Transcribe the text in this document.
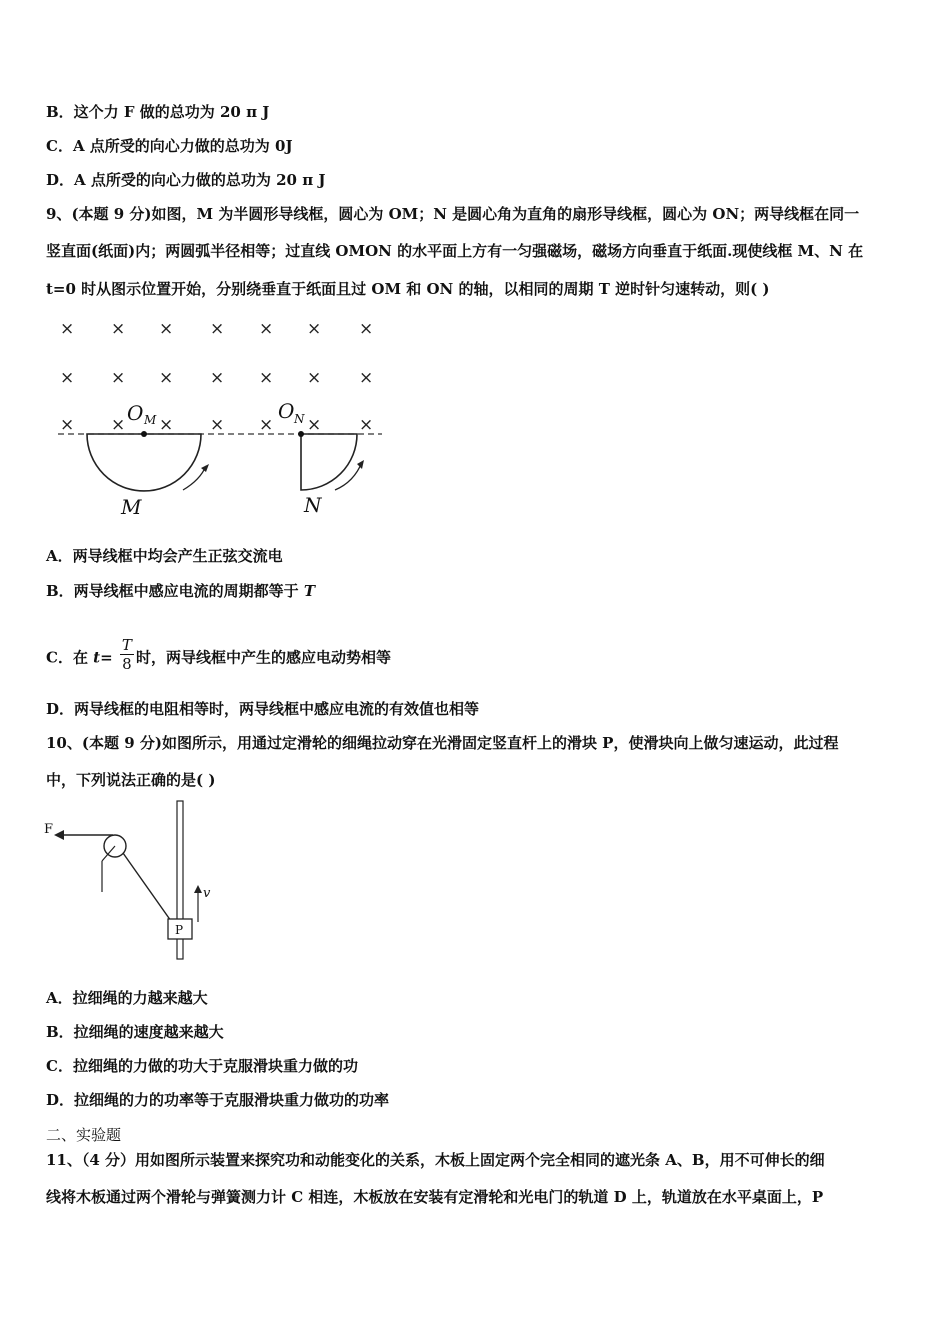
B．这个力 F 做的总功为 20 π J
C．A 点所受的向心力做的总功为 0J
D．A 点所受的向心力做的总功为 20 π J
9、(本题 9 分)如图，M 为半圆形导线框，圆心为 OM；N 是圆心角为直角的扇形导线框，圆心为 ON；两导线框在同一
竖直面(纸面)内；两圆弧半径相等；过直线 OMON 的水平面上方有一匀强磁场，磁场方向垂直于纸面.现使线框 M、N 在
t=0 时从图示位置开始，分别绕垂直于纸面且过 OM 和 ON 的轴，以相同的周期 T 逆时针匀速转动，则( )
× × × × × × ×
× × × × × × ×
× × × × × × ×
O M	O N
M	N
A．两导线框中均会产生正弦交流电
B．两导线框中感应电流的周期都等于 T
C．在 $t= \frac{T}{8}$ 时，两导线框中产生的感应电动势相等
D．两导线框的电阻相等时，两导线框中感应电流的有效值也相等
10、(本题 9 分)如图所示，用通过定滑轮的细绳拉动穿在光滑固定竖直杆上的滑块 P，使滑块向上做匀速运动，此过程
中，下列说法正确的是( )
F
v
P
A．拉细绳的力越来越大
B．拉细绳的速度越来越大
C．拉细绳的力做的功大于克服滑块重力做的功
D．拉细绳的力的功率等于克服滑块重力做功的功率
二、实验题
11、（4 分）用如图所示装置来探究功和动能变化的关系，木板上固定两个完全相同的遮光条 A、B，用不可伸长的细
线将木板通过两个滑轮与弹簧测力计 C 相连，木板放在安装有定滑轮和光电门的轨道 D 上，轨道放在水平桌面上，P
